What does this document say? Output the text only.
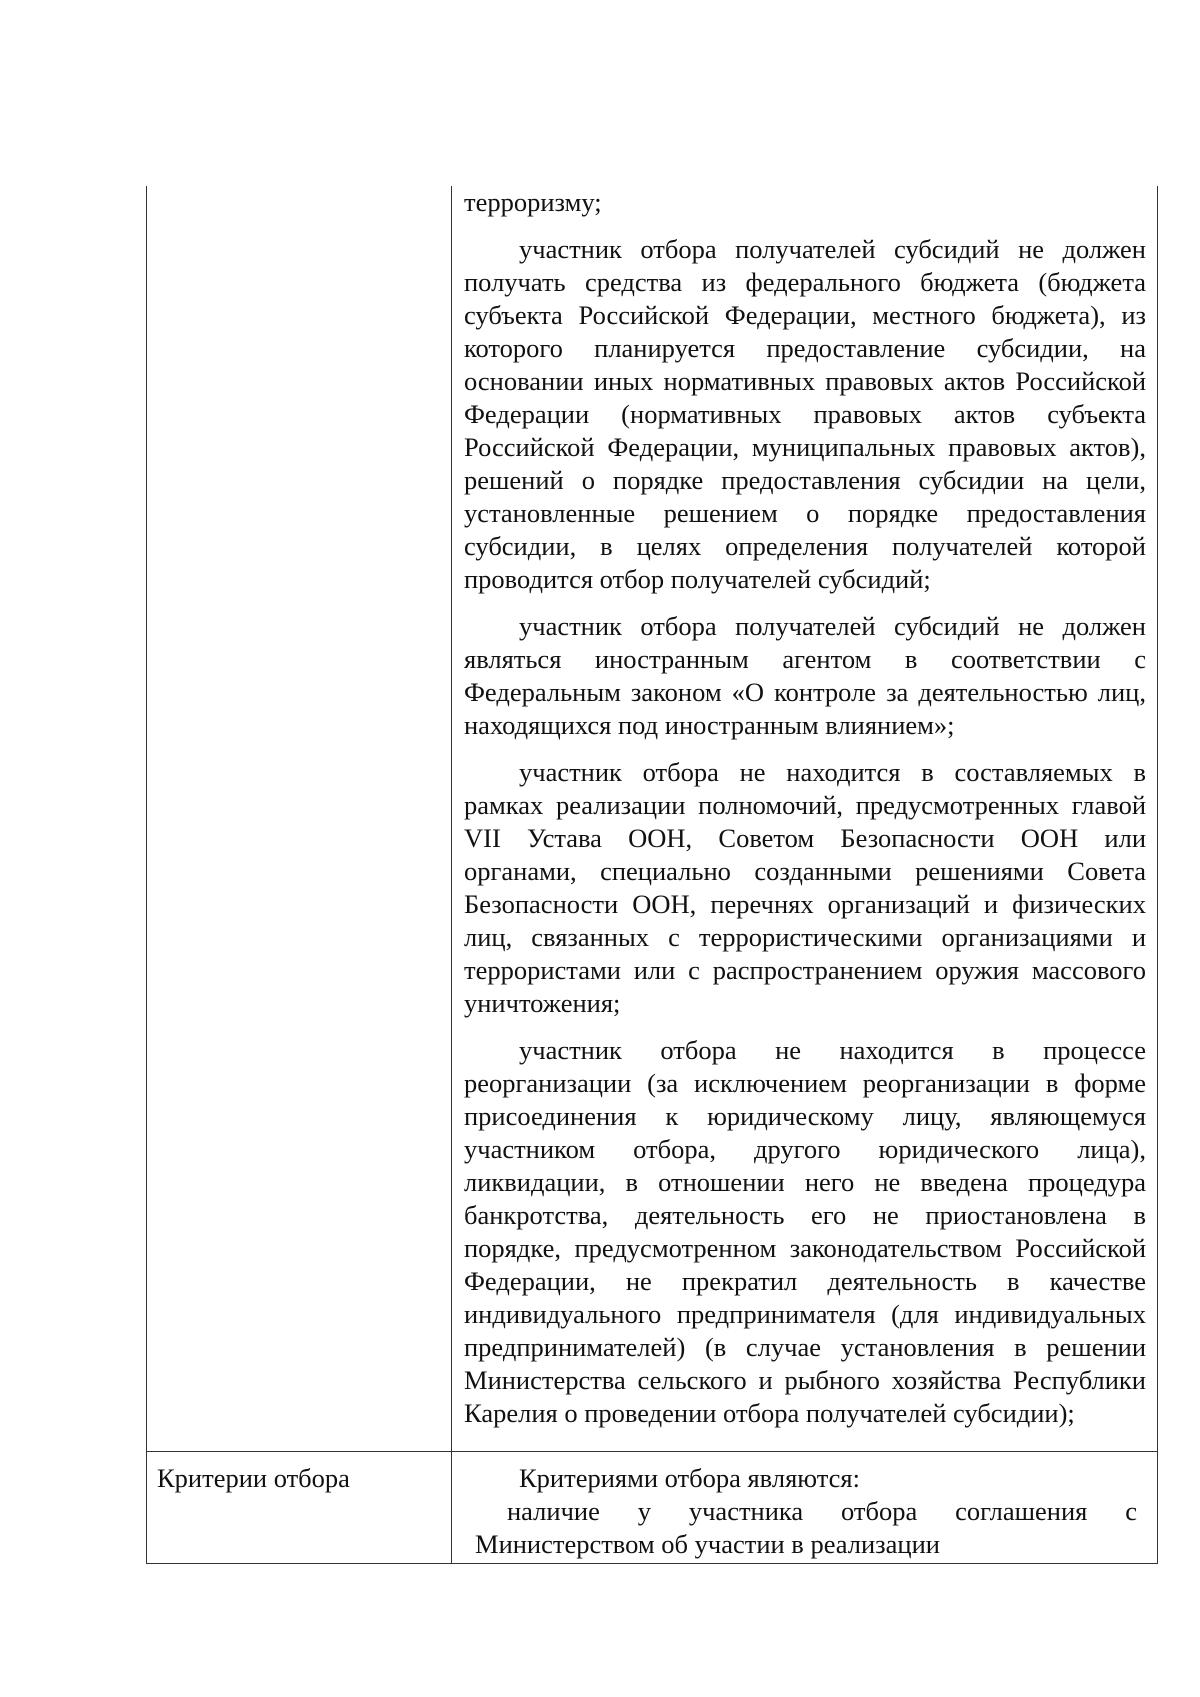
	терроризму;

участник отбора получателей субсидий не должен получать средства из федерального бюджета (бюджета субъекта Российской Федерации, местного бюджета), из которого планируется предоставление субсидии, на основании иных нормативных правовых актов Российской Федерации (нормативных правовых актов субъекта Российской Федерации, муниципальных правовых актов), решений о порядке предоставления субсидии на цели, установленные решением о порядке предоставления субсидии, в целях определения получателей которой проводится отбор получателей субсидий;

участник отбора получателей субсидий не должен являться иностранным агентом в соответствии с Федеральным законом «О контроле за деятельностью лиц, находящихся под иностранным влиянием»;

участник отбора не находится в составляемых в рамках реализации полномочий, предусмотренных главой VII Устава ООН, Советом Безопасности ООН или органами, специально созданными решениями Совета Безопасности ООН, перечнях организаций и физических лиц, связанных с террористическими организациями и террористами или с распространением оружия массового уничтожения;

участник отбора не находится в процессе реорганизации (за исключением реорганизации в форме присоединения к юридическому лицу, являющемуся участником отбора, другого юридического лица), ликвидации, в отношении него не введена процедура банкротства, деятельность его не приостановлена в порядке, предусмотренном законодательством Российской Федерации, не прекратил деятельность в качестве индивидуального предпринимателя (для индивидуальных предпринимателей) (в случае установления в решении Министерства сельского и рыбного хозяйства Республики Карелия о проведении отбора получателей субсидии);

Критерии отбора	Критериями отбора являются:

наличие у участника отбора соглашения с Министерством об участии в реализации
